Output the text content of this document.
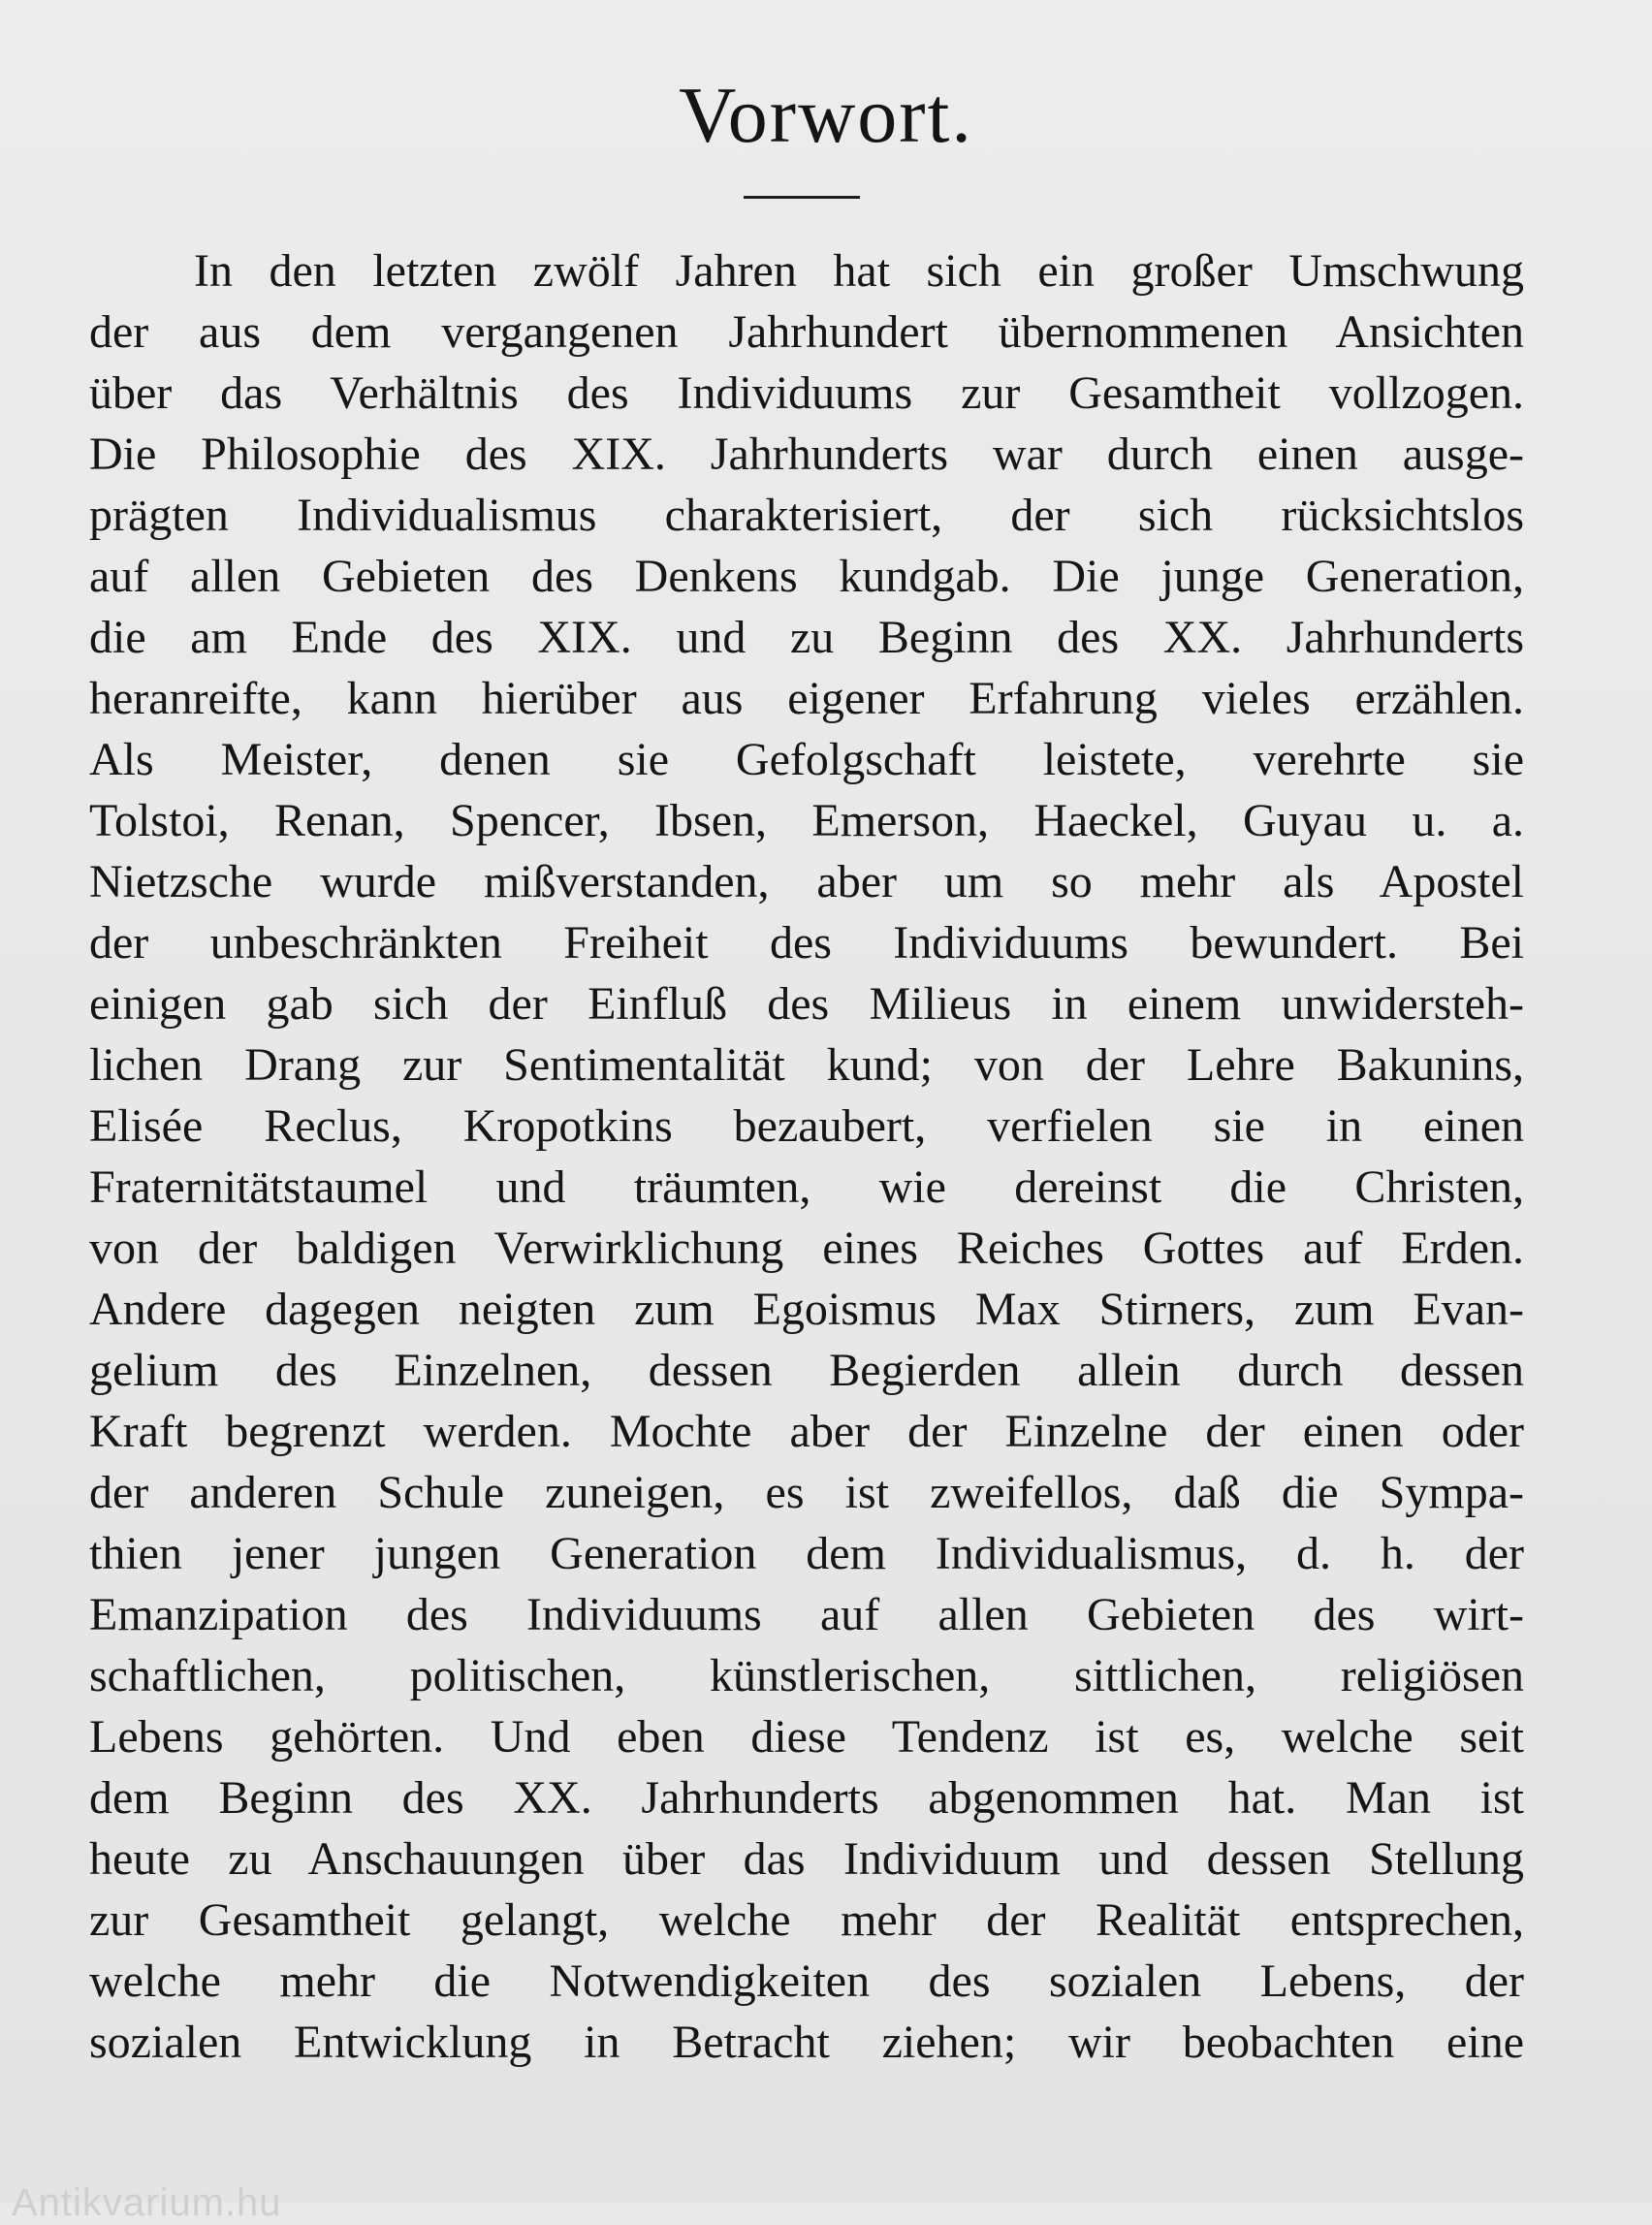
Vorwort.
In den letzten zwölf Jahren hat sich ein großer Umschwung
der aus dem vergangenen Jahrhundert übernommenen Ansichten
über das Verhältnis des Individuums zur Gesamtheit vollzogen.
Die Philosophie des XIX. Jahrhunderts war durch einen ausge-
prägten Individualismus charakterisiert, der sich rücksichtslos
auf allen Gebieten des Denkens kundgab. Die junge Generation,
die am Ende des XIX. und zu Beginn des XX. Jahrhunderts
heranreifte, kann hierüber aus eigener Erfahrung vieles erzählen.
Als Meister, denen sie Gefolgschaft leistete, verehrte sie
Tolstoi, Renan, Spencer, Ibsen, Emerson, Haeckel, Guyau u. a.
Nietzsche wurde mißverstanden, aber um so mehr als Apostel
der unbeschränkten Freiheit des Individuums bewundert. Bei
einigen gab sich der Einfluß des Milieus in einem unwidersteh-
lichen Drang zur Sentimentalität kund; von der Lehre Bakunins,
Elisée Reclus, Kropotkins bezaubert, verfielen sie in einen
Fraternitätstaumel und träumten, wie dereinst die Christen,
von der baldigen Verwirklichung eines Reiches Gottes auf Erden.
Andere dagegen neigten zum Egoismus Max Stirners, zum Evan-
gelium des Einzelnen, dessen Begierden allein durch dessen
Kraft begrenzt werden. Mochte aber der Einzelne der einen oder
der anderen Schule zuneigen, es ist zweifellos, daß die Sympa-
thien jener jungen Generation dem Individualismus, d. h. der
Emanzipation des Individuums auf allen Gebieten des wirt-
schaftlichen, politischen, künstlerischen, sittlichen, religiösen
Lebens gehörten. Und eben diese Tendenz ist es, welche seit
dem Beginn des XX. Jahrhunderts abgenommen hat. Man ist
heute zu Anschauungen über das Individuum und dessen Stellung
zur Gesamtheit gelangt, welche mehr der Realität entsprechen,
welche mehr die Notwendigkeiten des sozialen Lebens, der
sozialen Entwicklung in Betracht ziehen; wir beobachten eine
Antikvarium.hu
